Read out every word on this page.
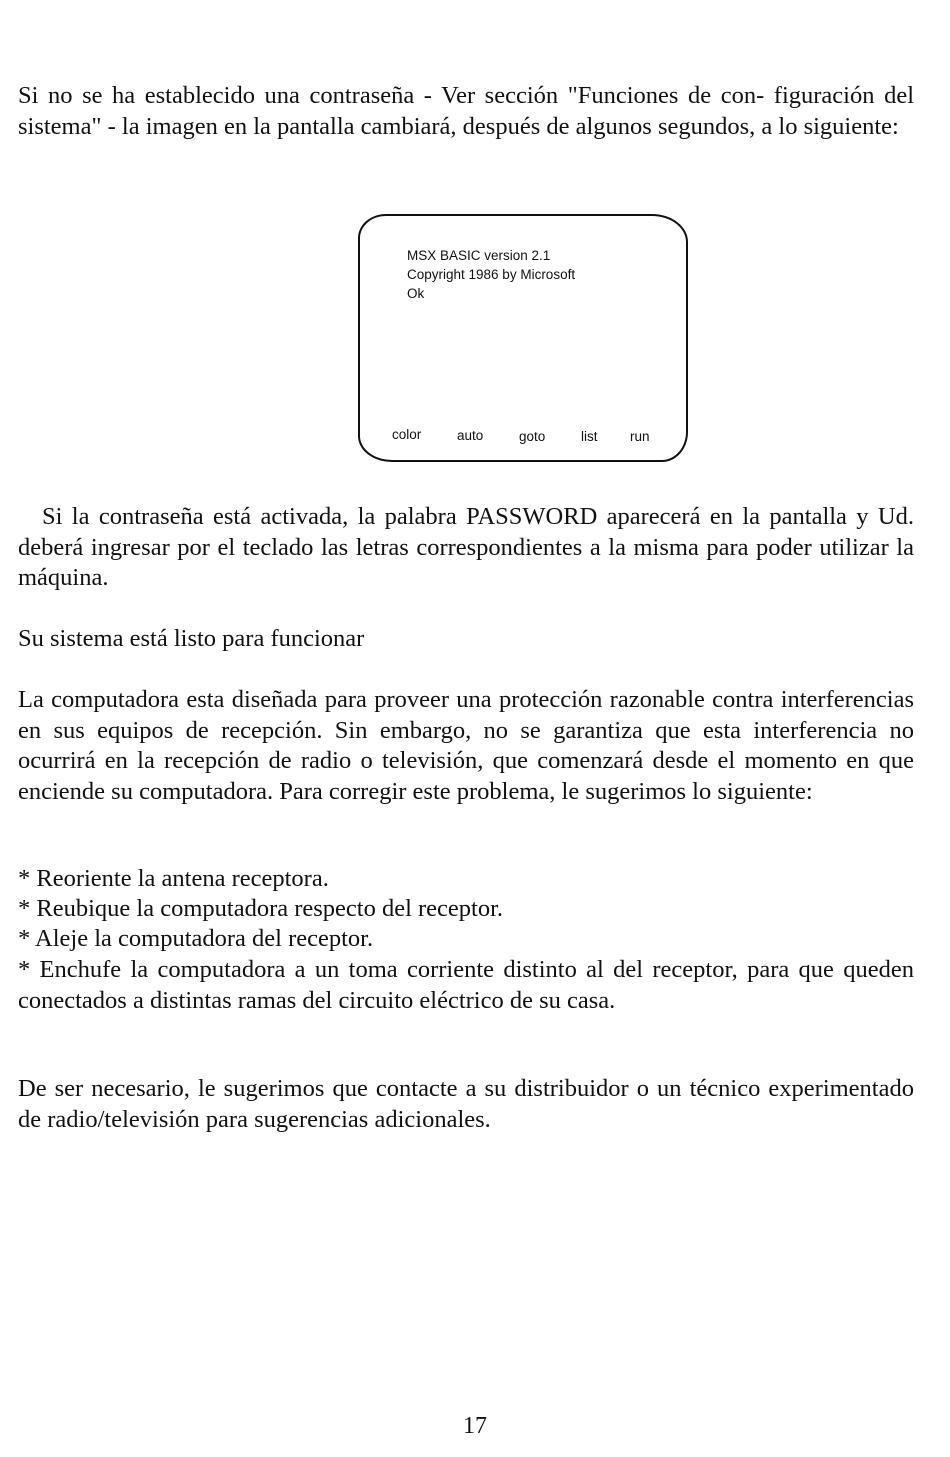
Si no se ha establecido una contraseña - Ver sección "Funciones de con- figuración del sistema" - la imagen en la pantalla cambiará, después de algunos segundos, a lo siguiente:

MSX BASIC version 2.1
Copyright 1986 by Microsoft
Ok
color	auto	goto	list run

Si la contraseña está activada, la palabra PASSWORD aparecerá en la pantalla y Ud. deberá ingresar por el teclado las letras correspondientes a la misma para poder utilizar la máquina.

Su sistema está listo para funcionar

La computadora esta diseñada para proveer una protección razonable contra interferencias en sus equipos de recepción. Sin embargo, no se garantiza que esta interferencia no ocurrirá en la recepción de radio o televisión, que comenzará desde el momento en que enciende su computadora. Para corregir este problema, le sugerimos lo siguiente:

* Reoriente la antena receptora.

* Reubique la computadora respecto del receptor.

* Aleje la computadora del receptor.

* Enchufe la computadora a un toma corriente distinto al del receptor, para que queden conectados a distintas ramas del circuito eléctrico de su casa.

De ser necesario, le sugerimos que contacte a su distribuidor o un técnico experimentado de radio/televisión para sugerencias adicionales.

17
